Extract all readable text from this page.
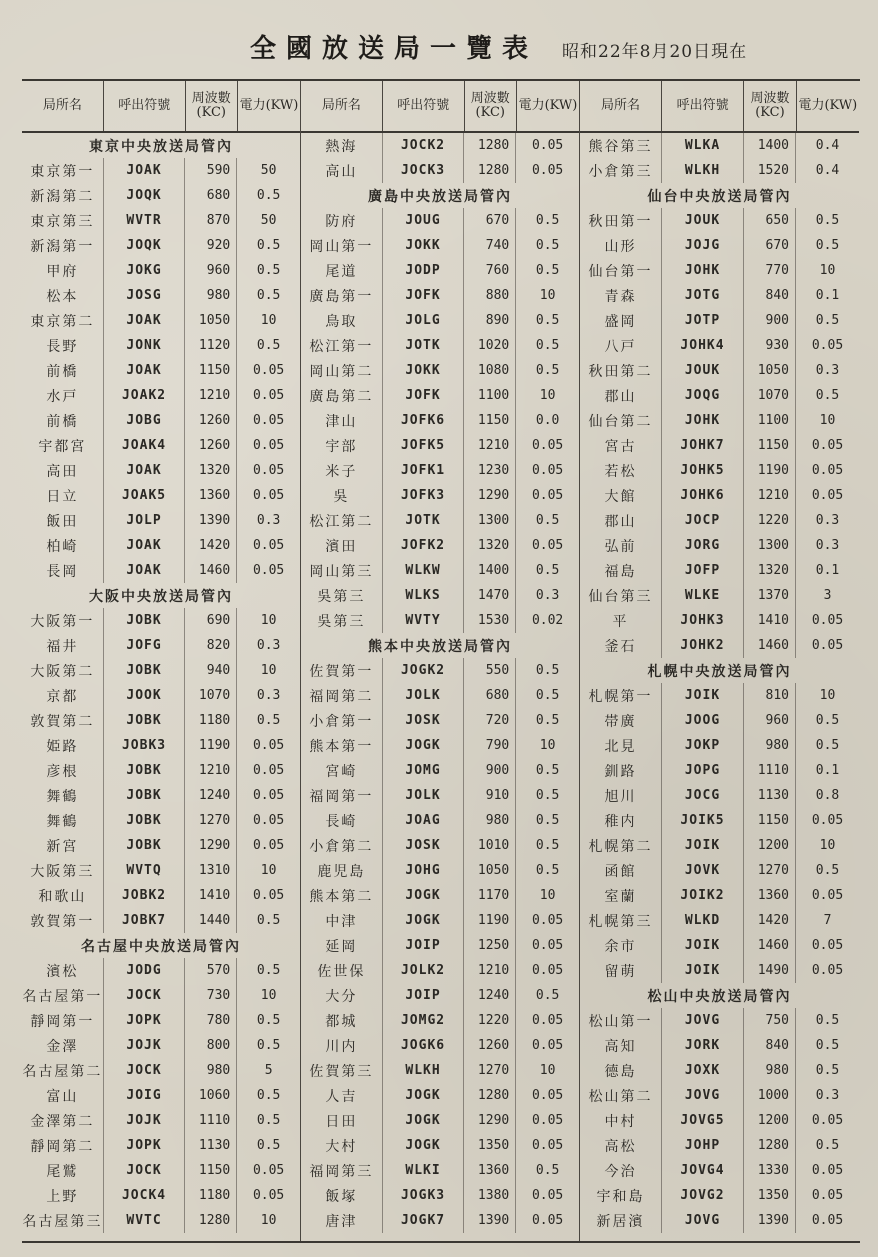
全國放送局一覽表 昭和22年8月20日現在
局所名	呼出符號	周波數(KC)	電力(KW)
東京中央放送局管內
東京第一	JOAK	590	50
新潟第二	JOQK	680	0.5
東京第三	WVTR	870	50
新潟第一	JOQK	920	0.5
甲府	JOKG	960	0.5
松本	JOSG	980	0.5
東京第二	JOAK	1050	10
長野	JONK	1120	0.5
前橋	JOAK	1150	0.05
水戸	JOAK2	1210	0.05
前橋	JOBG	1260	0.05
宇都宮	JOAK4	1260	0.05
高田	JOAK	1320	0.05
日立	JOAK5	1360	0.05
飯田	JOLP	1390	0.3
柏崎	JOAK	1420	0.05
長岡	JOAK	1460	0.05
大阪中央放送局管內
大阪第一	JOBK	690	10
福井	JOFG	820	0.3
大阪第二	JOBK	940	10
京都	JOOK	1070	0.3
敦賀第二	JOBK	1180	0.5
姫路	JOBK3	1190	0.05
彦根	JOBK	1210	0.05
舞鶴	JOBK	1240	0.05
舞鶴	JOBK	1270	0.05
新宮	JOBK	1290	0.05
大阪第三	WVTQ	1310	10
和歌山	JOBK2	1410	0.05
敦賀第一	JOBK7	1440	0.5
名古屋中央放送局管內
濱松	JODG	570	0.5
名古屋第一	JOCK	730	10
靜岡第一	JOPK	780	0.5
金澤	JOJK	800	0.5
名古屋第二	JOCK	980	5
富山	JOIG	1060	0.5
金澤第二	JOJK	1110	0.5
靜岡第二	JOPK	1130	0.5
尾鷲	JOCK	1150	0.05
上野	JOCK4	1180	0.05
名古屋第三	WVTC	1280	10
局所名	呼出符號	周波數(KC)	電力(KW)
熱海	JOCK2	1280	0.05
高山	JOCK3	1280	0.05
廣島中央放送局管內
防府	JOUG	670	0.5
岡山第一	JOKK	740	0.5
尾道	JODP	760	0.5
廣島第一	JOFK	880	10
鳥取	JOLG	890	0.5
松江第一	JOTK	1020	0.5
岡山第二	JOKK	1080	0.5
廣島第二	JOFK	1100	10
津山	JOFK6	1150	0.0
宇部	JOFK5	1210	0.05
米子	JOFK1	1230	0.05
吳	JOFK3	1290	0.05
松江第二	JOTK	1300	0.5
濱田	JOFK2	1320	0.05
岡山第三	WLKW	1400	0.5
吳第三	WLKS	1470	0.3
吳第三	WVTY	1530	0.02
熊本中央放送局管內
佐賀第一	JOGK2	550	0.5
福岡第二	JOLK	680	0.5
小倉第一	JOSK	720	0.5
熊本第一	JOGK	790	10
宮崎	JOMG	900	0.5
福岡第一	JOLK	910	0.5
長崎	JOAG	980	0.5
小倉第二	JOSK	1010	0.5
鹿児島	JOHG	1050	0.5
熊本第二	JOGK	1170	10
中津	JOGK	1190	0.05
延岡	JOIP	1250	0.05
佐世保	JOLK2	1210	0.05
大分	JOIP	1240	0.5
都城	JOMG2	1220	0.05
川内	JOGK6	1260	0.05
佐賀第三	WLKH	1270	10
人吉	JOGK	1280	0.05
日田	JOGK	1290	0.05
大村	JOGK	1350	0.05
福岡第三	WLKI	1360	0.5
飯塚	JOGK3	1380	0.05
唐津	JOGK7	1390	0.05
局所名	呼出符號	周波數(KC)	電力(KW)
熊谷第三	WLKA	1400	0.4
小倉第三	WLKH	1520	0.4
仙台中央放送局管內
秋田第一	JOUK	650	0.5
山形	JOJG	670	0.5
仙台第一	JOHK	770	10
青森	JOTG	840	0.1
盛岡	JOTP	900	0.5
八戸	JOHK4	930	0.05
秋田第二	JOUK	1050	0.3
郡山	JOQG	1070	0.5
仙台第二	JOHK	1100	10
宮古	JOHK7	1150	0.05
若松	JOHK5	1190	0.05
大館	JOHK6	1210	0.05
郡山	JOCP	1220	0.3
弘前	JORG	1300	0.3
福島	JOFP	1320	0.1
仙台第三	WLKE	1370	3
平	JOHK3	1410	0.05
釜石	JOHK2	1460	0.05
札幌中央放送局管內
札幌第一	JOIK	810	10
帯廣	JOOG	960	0.5
北見	JOKP	980	0.5
釧路	JOPG	1110	0.1
旭川	JOCG	1130	0.8
稚内	JOIK5	1150	0.05
札幌第二	JOIK	1200	10
函館	JOVK	1270	0.5
室蘭	JOIK2	1360	0.05
札幌第三	WLKD	1420	7
余市	JOIK	1460	0.05
留萌	JOIK	1490	0.05
松山中央放送局管內
松山第一	JOVG	750	0.5
高知	JORK	840	0.5
德島	JOXK	980	0.5
松山第二	JOVG	1000	0.3
中村	JOVG5	1200	0.05
高松	JOHP	1280	0.5
今治	JOVG4	1330	0.05
宇和島	JOVG2	1350	0.05
新居濱	JOVG	1390	0.05
